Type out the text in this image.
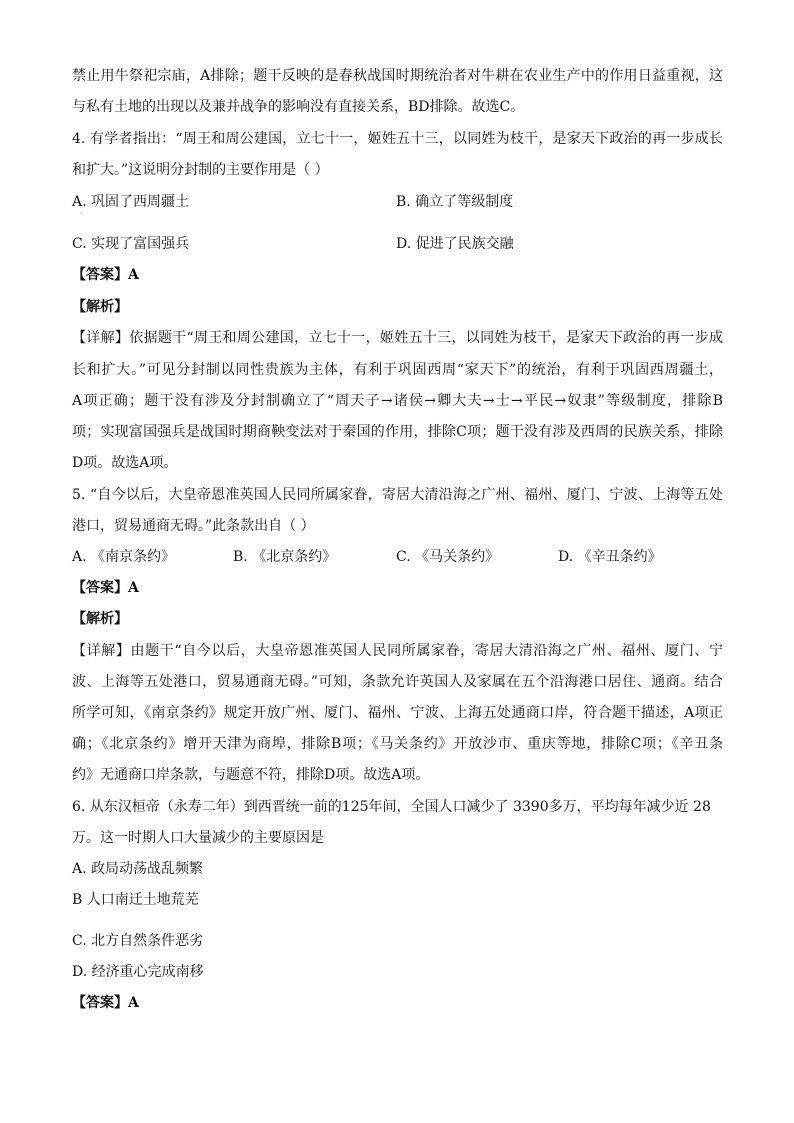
禁止用牛祭祀宗庙，A排除；题干反映的是春秋战国时期统治者对牛耕在农业生产中的作用日益重视，这
与私有土地的出现以及兼并战争的影响没有直接关系，BD排除。故选C。
4. 有学者指出：“周王和周公建国，立七十一，姬姓五十三，以同姓为枝干，是家天下政治的再一步成长
和扩大。”这说明分封制的主要作用是（ ）
A. 巩固了西周疆土	B. 确立了等级制度
·
C. 实现了富国强兵	D. 促进了民族交融
【答案】A
【解析】
【详解】依据题干“周王和周公建国，立七十一，姬姓五十三，以同姓为枝干，是家天下政治的再一步成
长和扩大。”可见分封制以同性贵族为主体，有利于巩固西周“家天下”的统治，有利于巩固西周疆土，
A项正确；题干没有涉及分封制确立了“周天子→诸侯→卿大夫→士→平民→奴隶”等级制度，排除B
项；实现富国强兵是战国时期商鞅变法对于秦国的作用，排除C项；题干没有涉及西周的民族关系，排除
D项。故选A项。
5. “自今以后，大皇帝恩准英国人民同所属家眷，寄居大清沿海之广州、福州、厦门、宁波、上海等五处
港口，贸易通商无碍。”此条款出自（ ）
A. 《南京条约》	B. 《北京条约》	C. 《马关条约》	D. 《辛丑条约》
【答案】A
【解析】
【详解】由题干“自今以后，大皇帝恩准英国人民同所属家眷，寄居大清沿海之广州、福州、厦门、宁
波、上海等五处港口，贸易通商无碍。”可知，条款允许英国人及家属在五个沿海港口居住、通商。结合
所学可知，《南京条约》规定开放广州、厦门、福州、宁波、上海五处通商口岸，符合题干描述，A项正
确；《北京条约》增开天津为商埠，排除B项；《马关条约》开放沙市、重庆等地，排除C项；《辛丑条
约》无通商口岸条款，与题意不符，排除D项。故选A项。
6. 从东汉桓帝（永寿二年）到西晋统一前的125年间，全国人口减少了 3390多万，平均每年减少近 28
万。这一时期人口大量减少的主要原因是
A. 政局动荡战乱频繁
B 人口南迁土地荒芜
·
C. 北方自然条件恶劣
D. 经济重心完成南移
【答案】A
